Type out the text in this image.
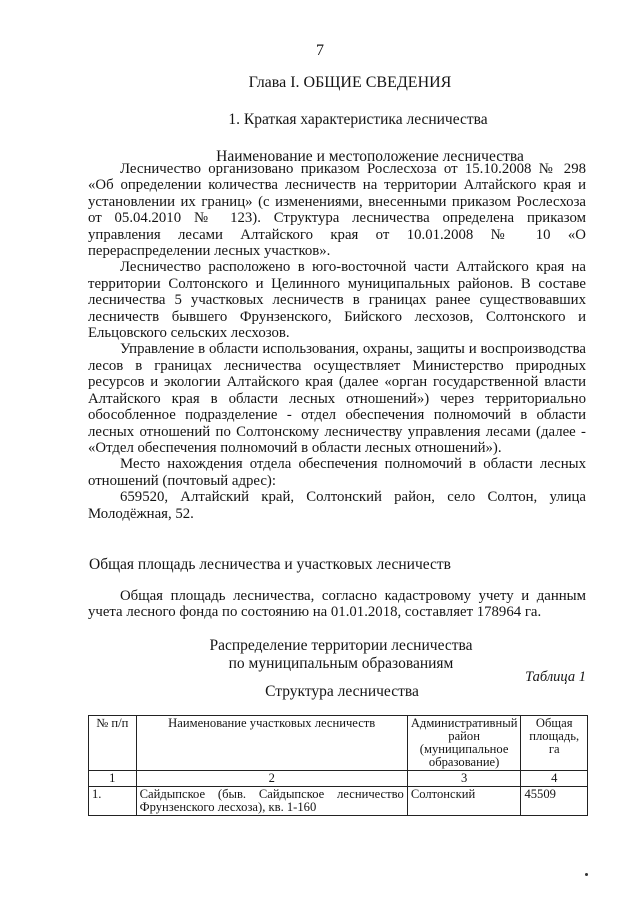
7
Глава I. ОБЩИЕ СВЕДЕНИЯ
1. Краткая характеристика лесничества
Наименование и местоположение лесничества

Лесничество организовано приказом Рослесхоза от 15.10.2008 № 298 «Об определении количества лесничеств на территории Алтайского края и установлении их границ» (с изменениями, внесенными приказом Рослесхоза от 05.04.2010 № 123). Структура лесничества определена приказом управления лесами Алтайского края от 10.01.2008 № 10 «О перераспределении лесных участков».

Лесничество расположено в юго-восточной части Алтайского края на территории Солтонского и Целинного муниципальных районов. В составе лесничества 5 участковых лесничеств в границах ранее существовавших лесничеств бывшего Фрунзенского, Бийского лесхозов, Солтонского и Ельцовского сельских лесхозов.

Управление в области использования, охраны, защиты и воспроизводства лесов в границах лесничества осуществляет Министерство природных ресурсов и экологии Алтайского края (далее «орган государственной власти Алтайского края в области лесных отношений») через территориально обособленное подразделение - отдел обеспечения полномочий в области лесных отношений по Солтонскому лесничеству управления лесами (далее - «Отдел обеспечения полномочий в области лесных отношений»).

Место нахождения отдела обеспечения полномочий в области лесных отношений (почтовый адрес):

659520, Алтайский край, Солтонский район, село Солтон, улица Молодёжная, 52.

Общая площадь лесничества и участковых лесничеств

Общая площадь лесничества, согласно кадастровому учету и данным учета лесного фонда по состоянию на 01.01.2018, составляет 178964 га.

Распределение территории лесничества
по муниципальным образованиям
Таблица 1
Структура лесничества
№ п/п	Наименование участковых лесничеств	Административный район (муниципальное образование)	Общая площадь, га
1	2	3	4
1.	Сайдыпское (быв. Сайдыпское лесничество Фрунзенского лесхоза), кв. 1-160	Солтонский	45509
